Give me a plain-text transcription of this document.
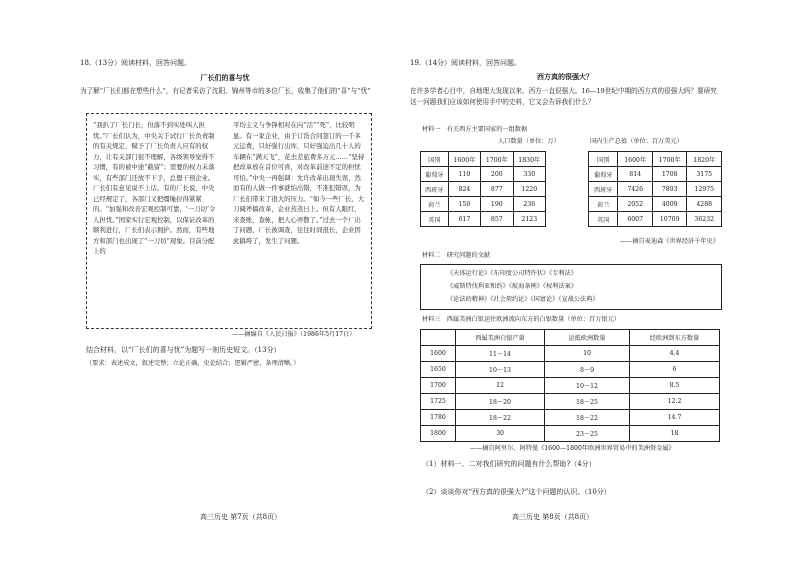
18.（13分）阅读材料，回答问题。
厂长们的喜与忧
为了解“厂长们都在想些什么”，有记者采访了沈阳、锦州等市的多位厂长，收集了他们的“喜”与“忧”
“我扒了厂长门长，但落不到实处叫人担忧。”厂长们认为，中央关于试行厂长负责制的有关规定，赋予了厂长负责人应有的权力，让有关部门很不理解，各级领导觉得不习惯，有的被中途“截留”；需要的权力未落实，有些部门还放不下手，总想干预企业。厂长们有意见说不上话。有的厂长说，中央已经规定了，各部门又把缰绳拉得紧紧的。“加强和改善宏观控制可靠，‘一刀切’令人担忧。”国家实行宏观控制，以保证改革的顺利进行，厂长们表示拥护。然而，有些地方和部门也出现了“一刀切”现象。目前分配上的
平均主义与争锋相对在向“活”“死”，比较明显。有一家企业，由于订货合同签订的一千多元运费，只好强行出库，只好强迫出几十人的车辆在“满天飞”，花去差旅费多万元……“坚持把改革放在首位可喜，对改革前途不定的担忧可怕。”中央一再强调：允许改革出现失误，然而有的人做一件事就怕出错，不准犯错误，为厂长们带来了很大的压力。“如今一些厂长，大刀阔斧搞改革，企业蒸蒸日上。但有人眼红，来查账，查帐，把人心弄散了。”过去一个厂出了问题，厂长被调查，往往时间很长，企业因此搞垮了，发生了问题。
——摘编自《人民日报》（1986年5月17日）
结合材料，以“厂长们的喜与忧”为题写一则历史短文。（13分）
（要求：表述成文，叙述完整；立论正确，史论结合；逻辑严密，条理清晰。）
高三历史 第7页（共8页）
19.（14分）阅读材料，回答问题。
西方真的很强大？
在许多学者心目中，自地理大发现以来，西方一直很强大。16—19世纪中期的西方真的很强大吗？要研究这一问题我们应该如何使用手中的史料，它又会告诉我们什么？
材料一　有关西方主要国家的一组数据
人口数量（单位：万）	国内生产总值（单位：百万美元）
国别	1600年	1700年	1830年
葡萄牙	110	200	330
西班牙	824	877	1220
荷兰	150	190	236
英国	617	857	2123
国别	1600年	1700年	1820年
葡萄牙	814	1708	3175
西班牙	7426	7893	12975
荷兰	2052	4009	4288
英国	6007	10709	36232
——摘自麦迪森《世界经济千年史》
材料二　研究问题的文献
《天体运行论》《东印度公司特许状》《专利法》
《威斯特伐利亚和约》《航海条例》《权利法案》
《论法的精神》《社会契约论》《国富论》《宣战公法典》
材料三　西属美洲白银运往欧洲流向东方的白银数量（单位：百万银元）
	西属美洲白银产量	运抵欧洲数量	经欧洲到东方数量
1600	11～14	10	4.4
1650	10～13	8～9	6
1700	12	10～12	8.5
1725	18～20	18～25	12.2
1780	18～22	18～22	14.7
1800	30	23～25	18
——摘自阿里尔、阿特曼《1600—1800年欧洲世界贸易中的美洲资金属》
（1）材料一、二对我们研究的问题有什么帮助?（4分）
（2）谈谈你对“西方真的很强大?”这个问题的认识。（10分）
高三历史 第8页（共8页）
